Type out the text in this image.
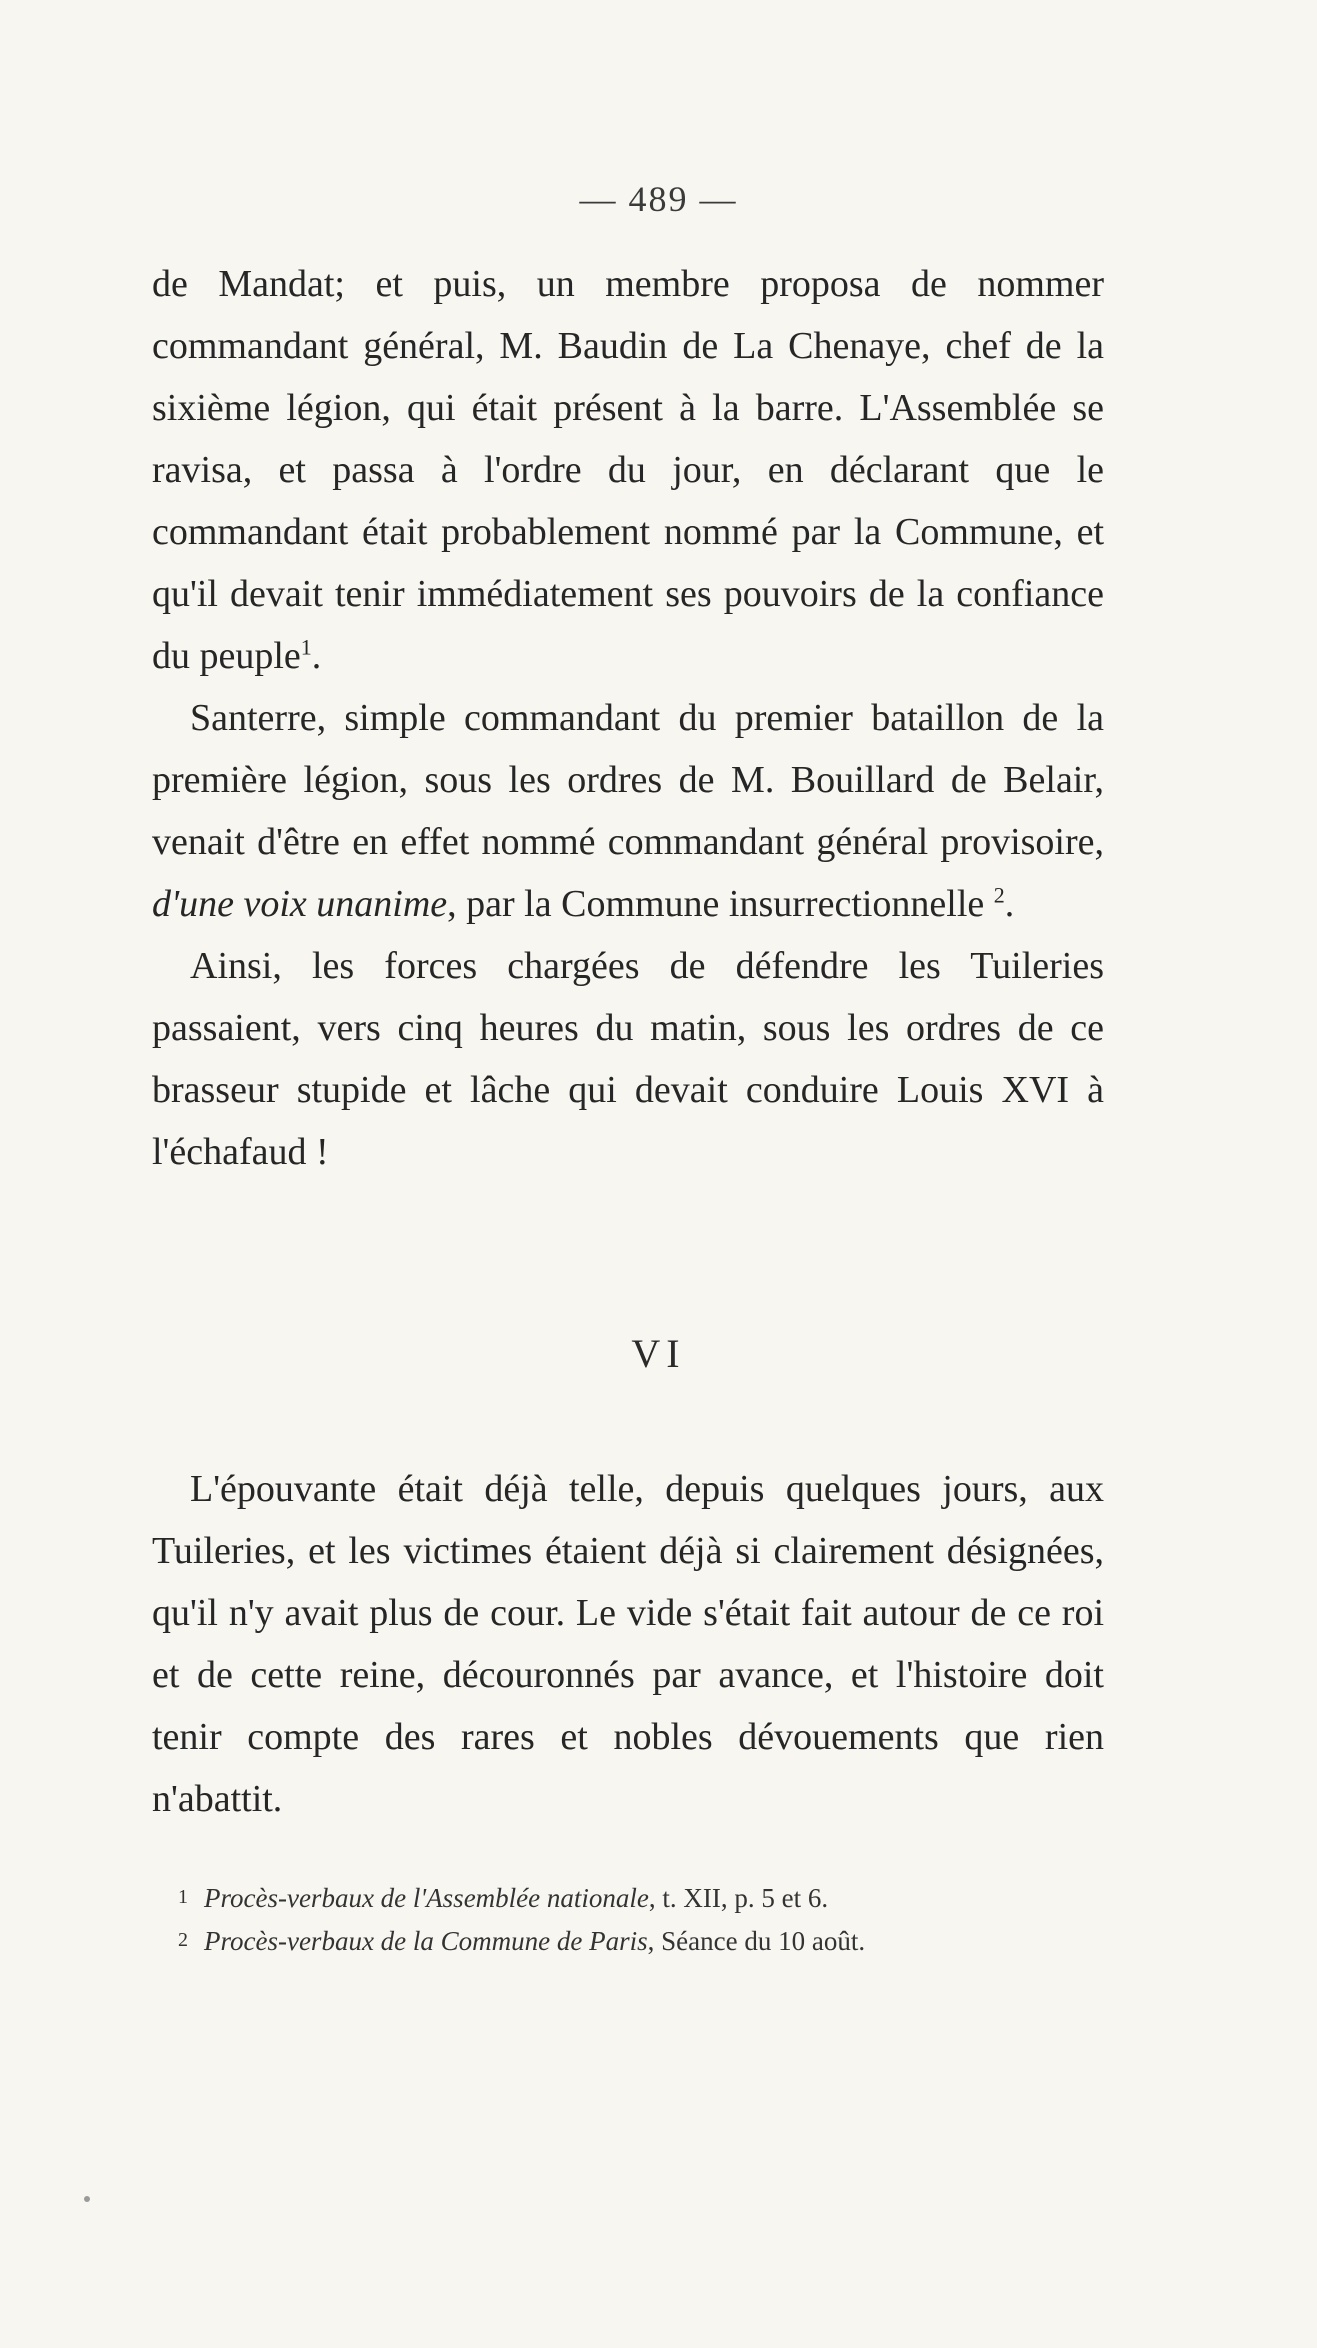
— 489 —

de Mandat; et puis, un membre proposa de nommer commandant général, M. Baudin de La Chenaye, chef de la sixième légion, qui était présent à la barre. L'Assemblée se ravisa, et passa à l'ordre du jour, en déclarant que le commandant était probablement nommé par la Commune, et qu'il devait tenir immédiatement ses pouvoirs de la confiance du peuple$^1$.

Santerre, simple commandant du premier bataillon de la première légion, sous les ordres de M. Bouillard de Belair, venait d'être en effet nommé commandant général provisoire, d'une voix unanime, par la Commune insurrectionnelle $^2$.

Ainsi, les forces chargées de défendre les Tuileries passaient, vers cinq heures du matin, sous les ordres de ce brasseur stupide et lâche qui devait conduire Louis XVI à l'échafaud !

VI

L'épouvante était déjà telle, depuis quelques jours, aux Tuileries, et les victimes étaient déjà si clairement désignées, qu'il n'y avait plus de cour. Le vide s'était fait autour de ce roi et de cette reine, découronnés par avance, et l'histoire doit tenir compte des rares et nobles dévouements que rien n'abattit.

1 Procès-verbaux de l'Assemblée nationale, t. XII, p. 5 et 6.

2 Procès-verbaux de la Commune de Paris, Séance du 10 août.
